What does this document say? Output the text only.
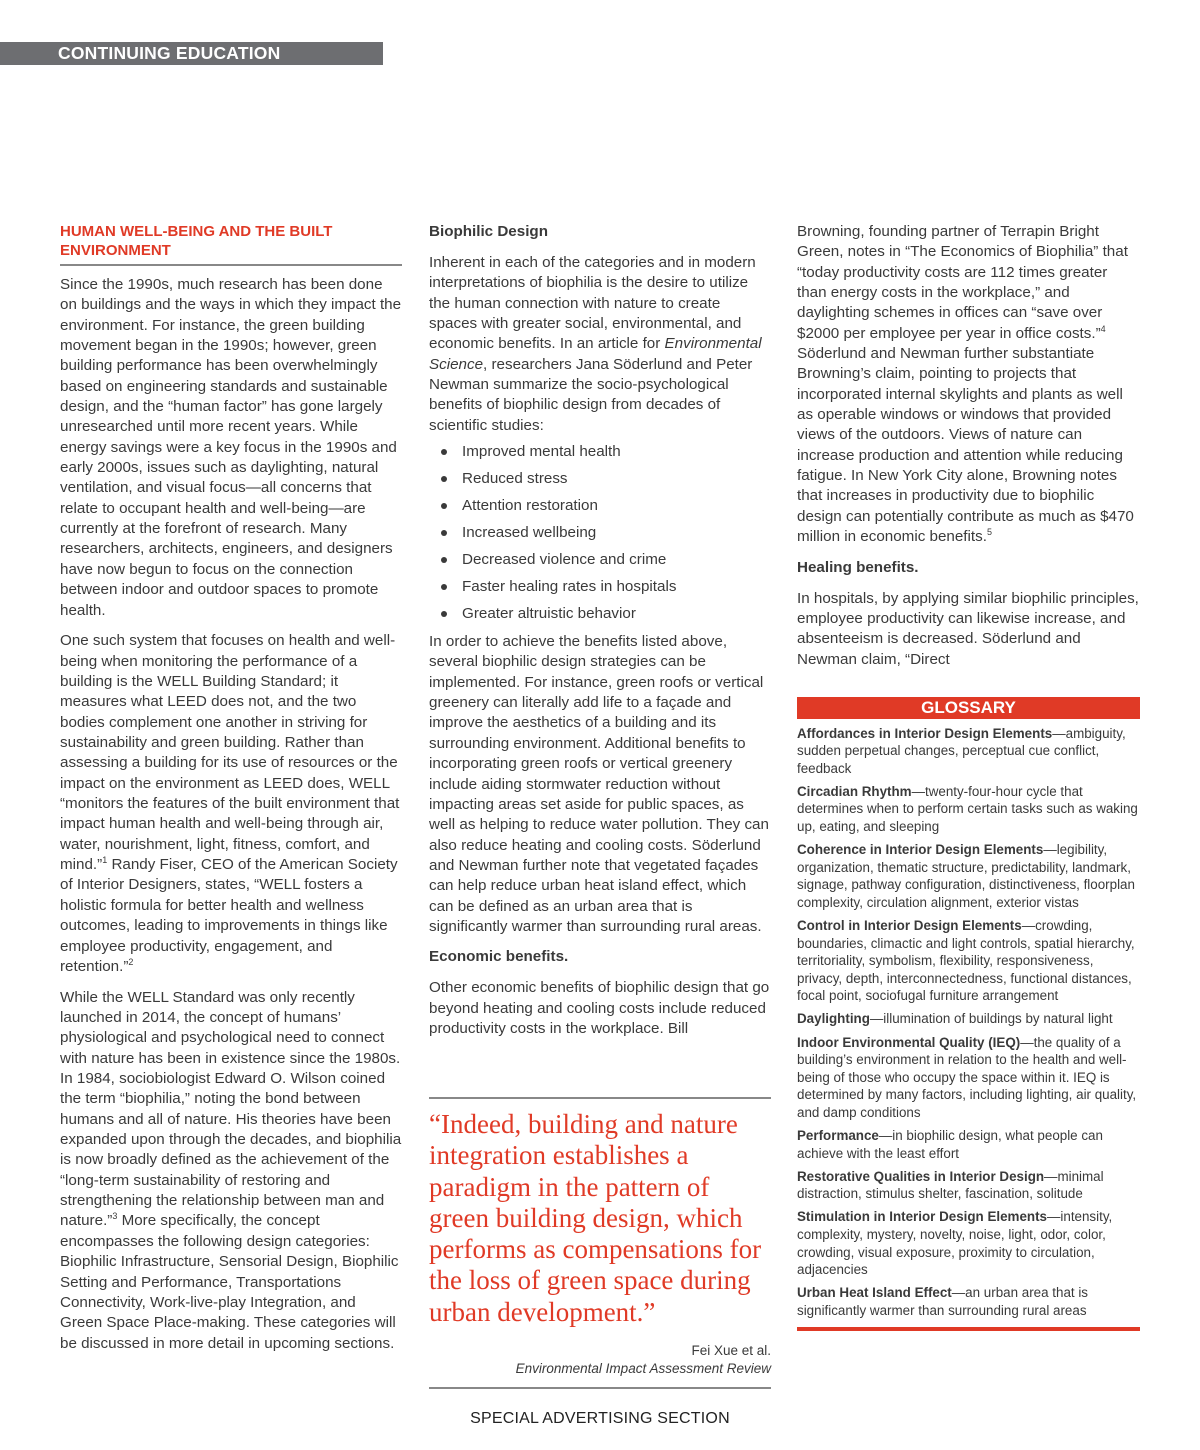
CONTINUING EDUCATION
HUMAN WELL-BEING AND THE BUILT ENVIRONMENT

Since the 1990s, much research has been done on buildings and the ways in which they impact the environment. For instance, the green building movement began in the 1990s; however, green building performance has been overwhelmingly based on engineering standards and sustainable design, and the “human factor” has gone largely unresearched until more recent years. While energy savings were a key focus in the 1990s and early 2000s, issues such as daylighting, natural ventilation, and visual focus—all concerns that relate to occupant health and well-being—are currently at the forefront of research. Many researchers, architects, engineers, and designers have now begun to focus on the connection between indoor and outdoor spaces to promote health.

One such system that focuses on health and well-being when monitoring the performance of a building is the WELL Building Standard; it measures what LEED does not, and the two bodies complement one another in striving for sustainability and green building. Rather than assessing a building for its use of resources or the impact on the environment as LEED does, WELL “monitors the features of the built environment that impact human health and well-being through air, water, nourishment, light, fitness, comfort, and mind.”$^1$ Randy Fiser, CEO of the American Society of Interior Designers, states, “WELL fosters a holistic formula for better health and wellness outcomes, leading to improvements in things like employee productivity, engagement, and retention.”$^2$

While the WELL Standard was only recently launched in 2014, the concept of humans’ physiological and psychological need to connect with nature has been in existence since the 1980s. In 1984, sociobiologist Edward O. Wilson coined the term “biophilia,” noting the bond between humans and all of nature. His theories have been expanded upon through the decades, and biophilia is now broadly defined as the achievement of the “long-term sustainability of restoring and strengthening the relationship between man and nature.”$^3$ More specifically, the concept encompasses the following design categories: Biophilic Infrastructure, Sensorial Design, Biophilic Setting and Performance, Transportations Connectivity, Work-live-play Integration, and Green Space Place-making. These categories will be discussed in more detail in upcoming sections.

Biophilic Design

Inherent in each of the categories and in modern interpretations of biophilia is the desire to utilize the human connection with nature to create spaces with greater social, environmental, and economic benefits. In an article for Environmental Science, researchers Jana Söderlund and Peter Newman summarize the socio-psychological benefits of biophilic design from decades of scientific studies:

Improved mental health
Reduced stress
Attention restoration
Increased wellbeing
Decreased violence and crime
Faster healing rates in hospitals
Greater altruistic behavior

In order to achieve the benefits listed above, several biophilic design strategies can be implemented. For instance, green roofs or vertical greenery can literally add life to a façade and improve the aesthetics of a building and its surrounding environment. Additional benefits to incorporating green roofs or vertical greenery include aiding stormwater reduction without impacting areas set aside for public spaces, as well as helping to reduce water pollution. They can also reduce heating and cooling costs. Söderlund and Newman further note that vegetated façades can help reduce urban heat island effect, which can be defined as an urban area that is significantly warmer than surrounding rural areas.

Economic benefits.

Other economic benefits of biophilic design that go beyond heating and cooling costs include reduced productivity costs in the workplace. Bill

“Indeed, building and nature integration establishes a paradigm in the pattern of green building design, which performs as compensations for the loss of green space during urban development.”
Fei Xue et al.
Environmental Impact Assessment Review

Browning, founding partner of Terrapin Bright Green, notes in “The Economics of Biophilia” that “today productivity costs are 112 times greater than energy costs in the workplace,” and daylighting schemes in offices can “save over $2000 per employee per year in office costs.”$^4$ Söderlund and Newman further substantiate Browning’s claim, pointing to projects that incorporated internal skylights and plants as well as operable windows or windows that provided views of the outdoors. Views of nature can increase production and attention while reducing fatigue. In New York City alone, Browning notes that increases in productivity due to biophilic design can potentially contribute as much as $470 million in economic benefits.$^5$

Healing benefits.

In hospitals, by applying similar biophilic principles, employee productivity can likewise increase, and absenteeism is decreased. Söderlund and Newman claim, “Direct

GLOSSARY
Affordances in Interior Design Elements—ambiguity, sudden perpetual changes, perceptual cue conflict, feedback
Circadian Rhythm—twenty-four-hour cycle that determines when to perform certain tasks such as waking up, eating, and sleeping
Coherence in Interior Design Elements—legibility, organization, thematic structure, predictability, landmark, signage, pathway configuration, distinctiveness, floorplan complexity, circulation alignment, exterior vistas
Control in Interior Design Elements—crowding, boundaries, climactic and light controls, spatial hierarchy, territoriality, symbolism, flexibility, responsiveness, privacy, depth, interconnectedness, functional distances, focal point, sociofugal furniture arrangement
Daylighting—illumination of buildings by natural light
Indoor Environmental Quality (IEQ)—the quality of a building’s environment in relation to the health and well-being of those who occupy the space within it. IEQ is determined by many factors, including lighting, air quality, and damp conditions
Performance—in biophilic design, what people can achieve with the least effort
Restorative Qualities in Interior Design—minimal distraction, stimulus shelter, fascination, solitude
Stimulation in Interior Design Elements—intensity, complexity, mystery, novelty, noise, light, odor, color, crowding, visual exposure, proximity to circulation, adjacencies
Urban Heat Island Effect—an urban area that is significantly warmer than surrounding rural areas
SPECIAL ADVERTISING SECTION
